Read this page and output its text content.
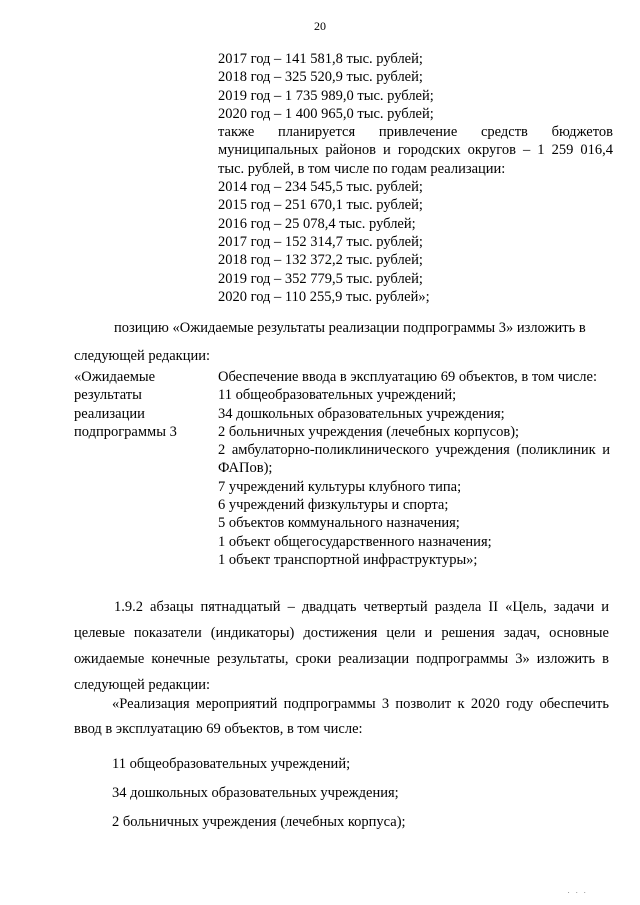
20
2017 год – 141 581,8 тыс. рублей;
2018 год – 325 520,9 тыс. рублей;
2019 год – 1 735 989,0 тыс. рублей;
2020 год – 1 400 965,0 тыс. рублей;
также планируется привлечение средств бюджетов муниципальных районов и городских округов – 1 259 016,4 тыс. рублей, в том числе по годам реализации:
2014 год – 234 545,5 тыс. рублей;
2015 год – 251 670,1 тыс. рублей;
2016 год – 25 078,4 тыс. рублей;
2017 год – 152 314,7 тыс. рублей;
2018 год – 132 372,2 тыс. рублей;
2019 год – 352 779,5 тыс. рублей;
2020 год – 110 255,9 тыс. рублей»;
позицию «Ожидаемые результаты реализации подпрограммы 3» изложить в следующей редакции:
«Ожидаемые
результаты
реализации
подпрограммы 3
Обеспечение ввода в эксплуатацию 69 объектов, в том числе:
11 общеобразовательных учреждений;
34 дошкольных образовательных учреждения;
2 больничных учреждения (лечебных корпусов);
2 амбулаторно-поликлинического учреждения (поликлиник и ФАПов);
7 учреждений культуры клубного типа;
6 учреждений физкультуры и спорта;
5 объектов коммунального назначения;
1 объект общегосударственного назначения;
1 объект транспортной инфраструктуры»;
1.9.2 абзацы пятнадцатый – двадцать четвертый раздела II «Цель, задачи и целевые показатели (индикаторы) достижения цели и решения задач, основные ожидаемые конечные результаты, сроки реализации подпрограммы 3» изложить в следующей редакции:
«Реализация мероприятий подпрограммы 3 позволит к 2020 году обеспечить ввод в эксплуатацию 69 объектов, в том числе:
11 общеобразовательных учреждений;
34 дошкольных образовательных учреждения;
2 больничных учреждения (лечебных корпуса);
· · ·
